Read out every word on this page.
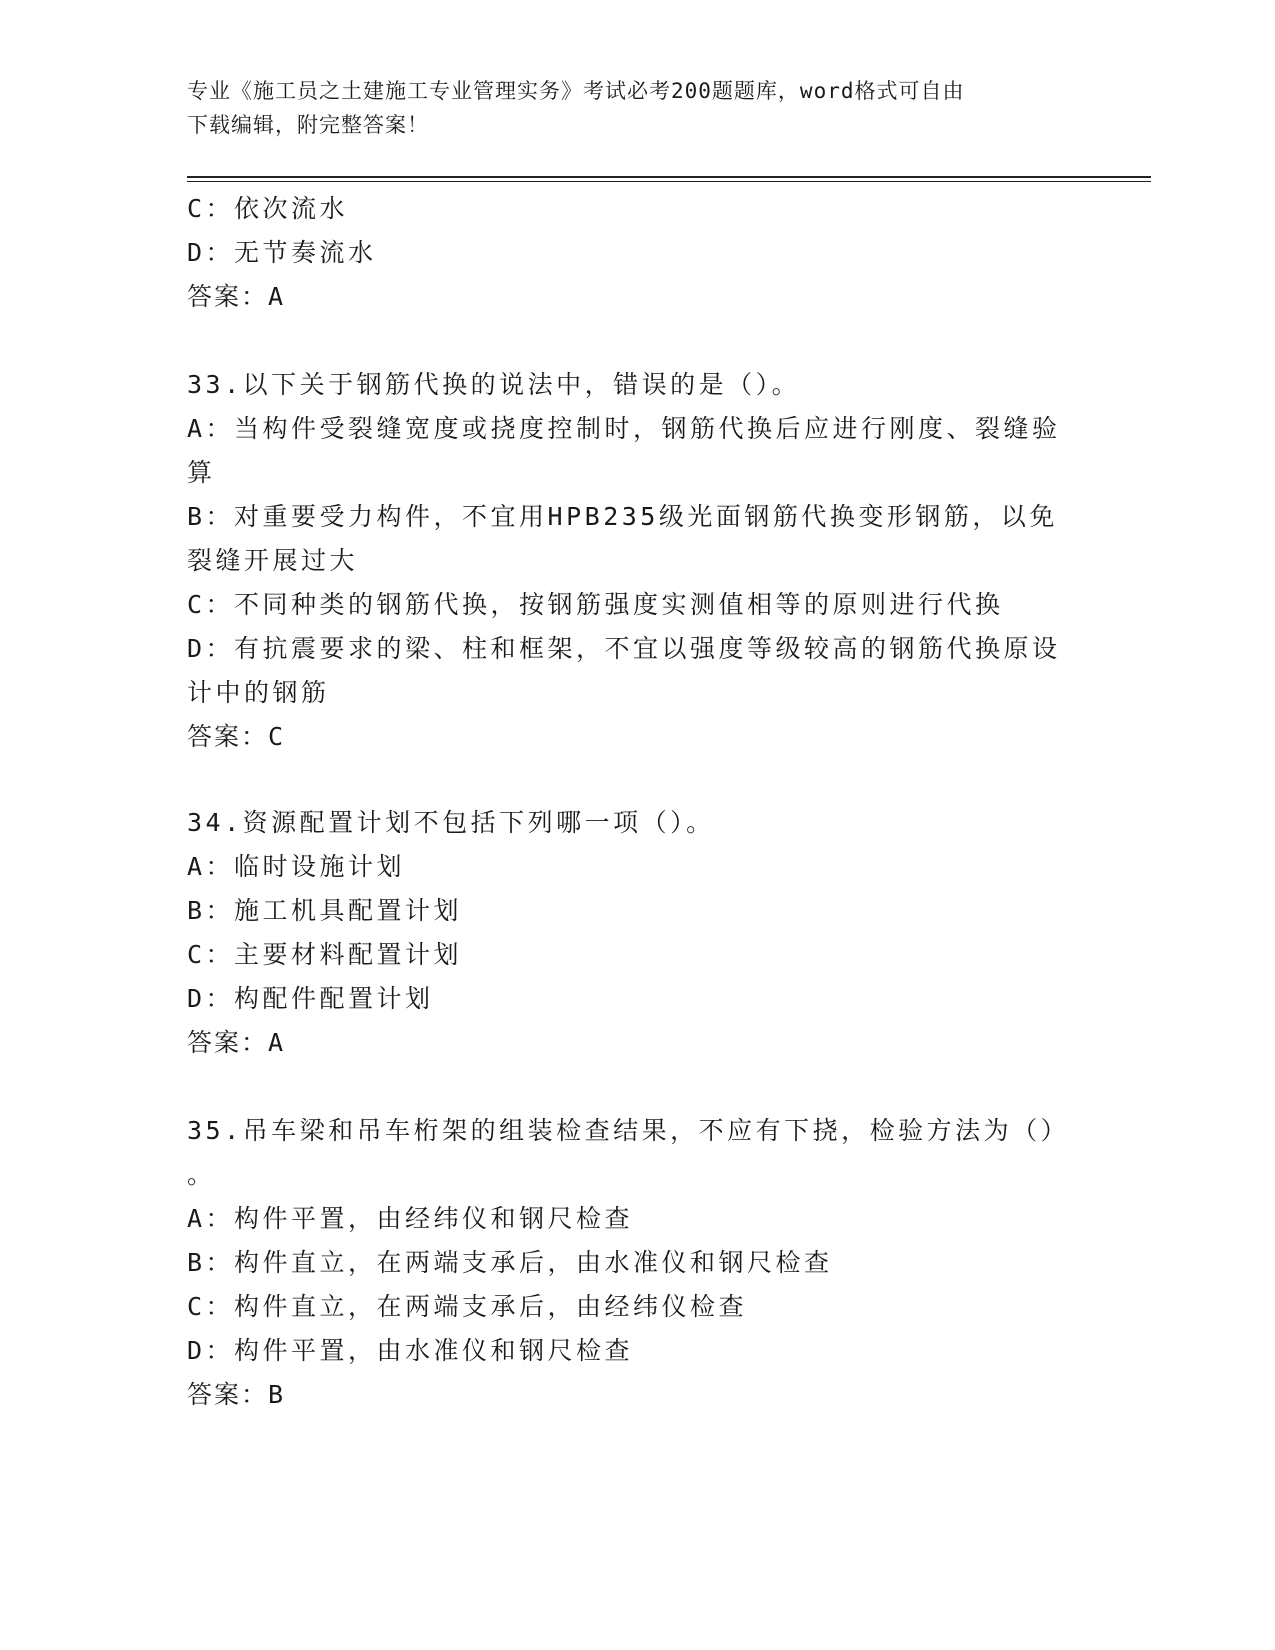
专业《施工员之土建施工专业管理实务》考试必考200题题库，word格式可自由
下载编辑，附完整答案！
C：依次流水
D：无节奏流水
答案：A
33.以下关于钢筋代换的说法中，错误的是（）。
A：当构件受裂缝宽度或挠度控制时，钢筋代换后应进行刚度、裂缝验
算
B：对重要受力构件，不宜用HPB235级光面钢筋代换变形钢筋，以免
裂缝开展过大
C：不同种类的钢筋代换，按钢筋强度实测值相等的原则进行代换
D：有抗震要求的梁、柱和框架，不宜以强度等级较高的钢筋代换原设
计中的钢筋
答案：C
34.资源配置计划不包括下列哪一项（）。
A：临时设施计划
B：施工机具配置计划
C：主要材料配置计划
D：构配件配置计划
答案：A
35.吊车梁和吊车桁架的组装检查结果，不应有下挠，检验方法为（）
。
A：构件平置，由经纬仪和钢尺检查
B：构件直立，在两端支承后，由水准仪和钢尺检查
C：构件直立，在两端支承后，由经纬仪检查
D：构件平置，由水准仪和钢尺检查
答案：B
